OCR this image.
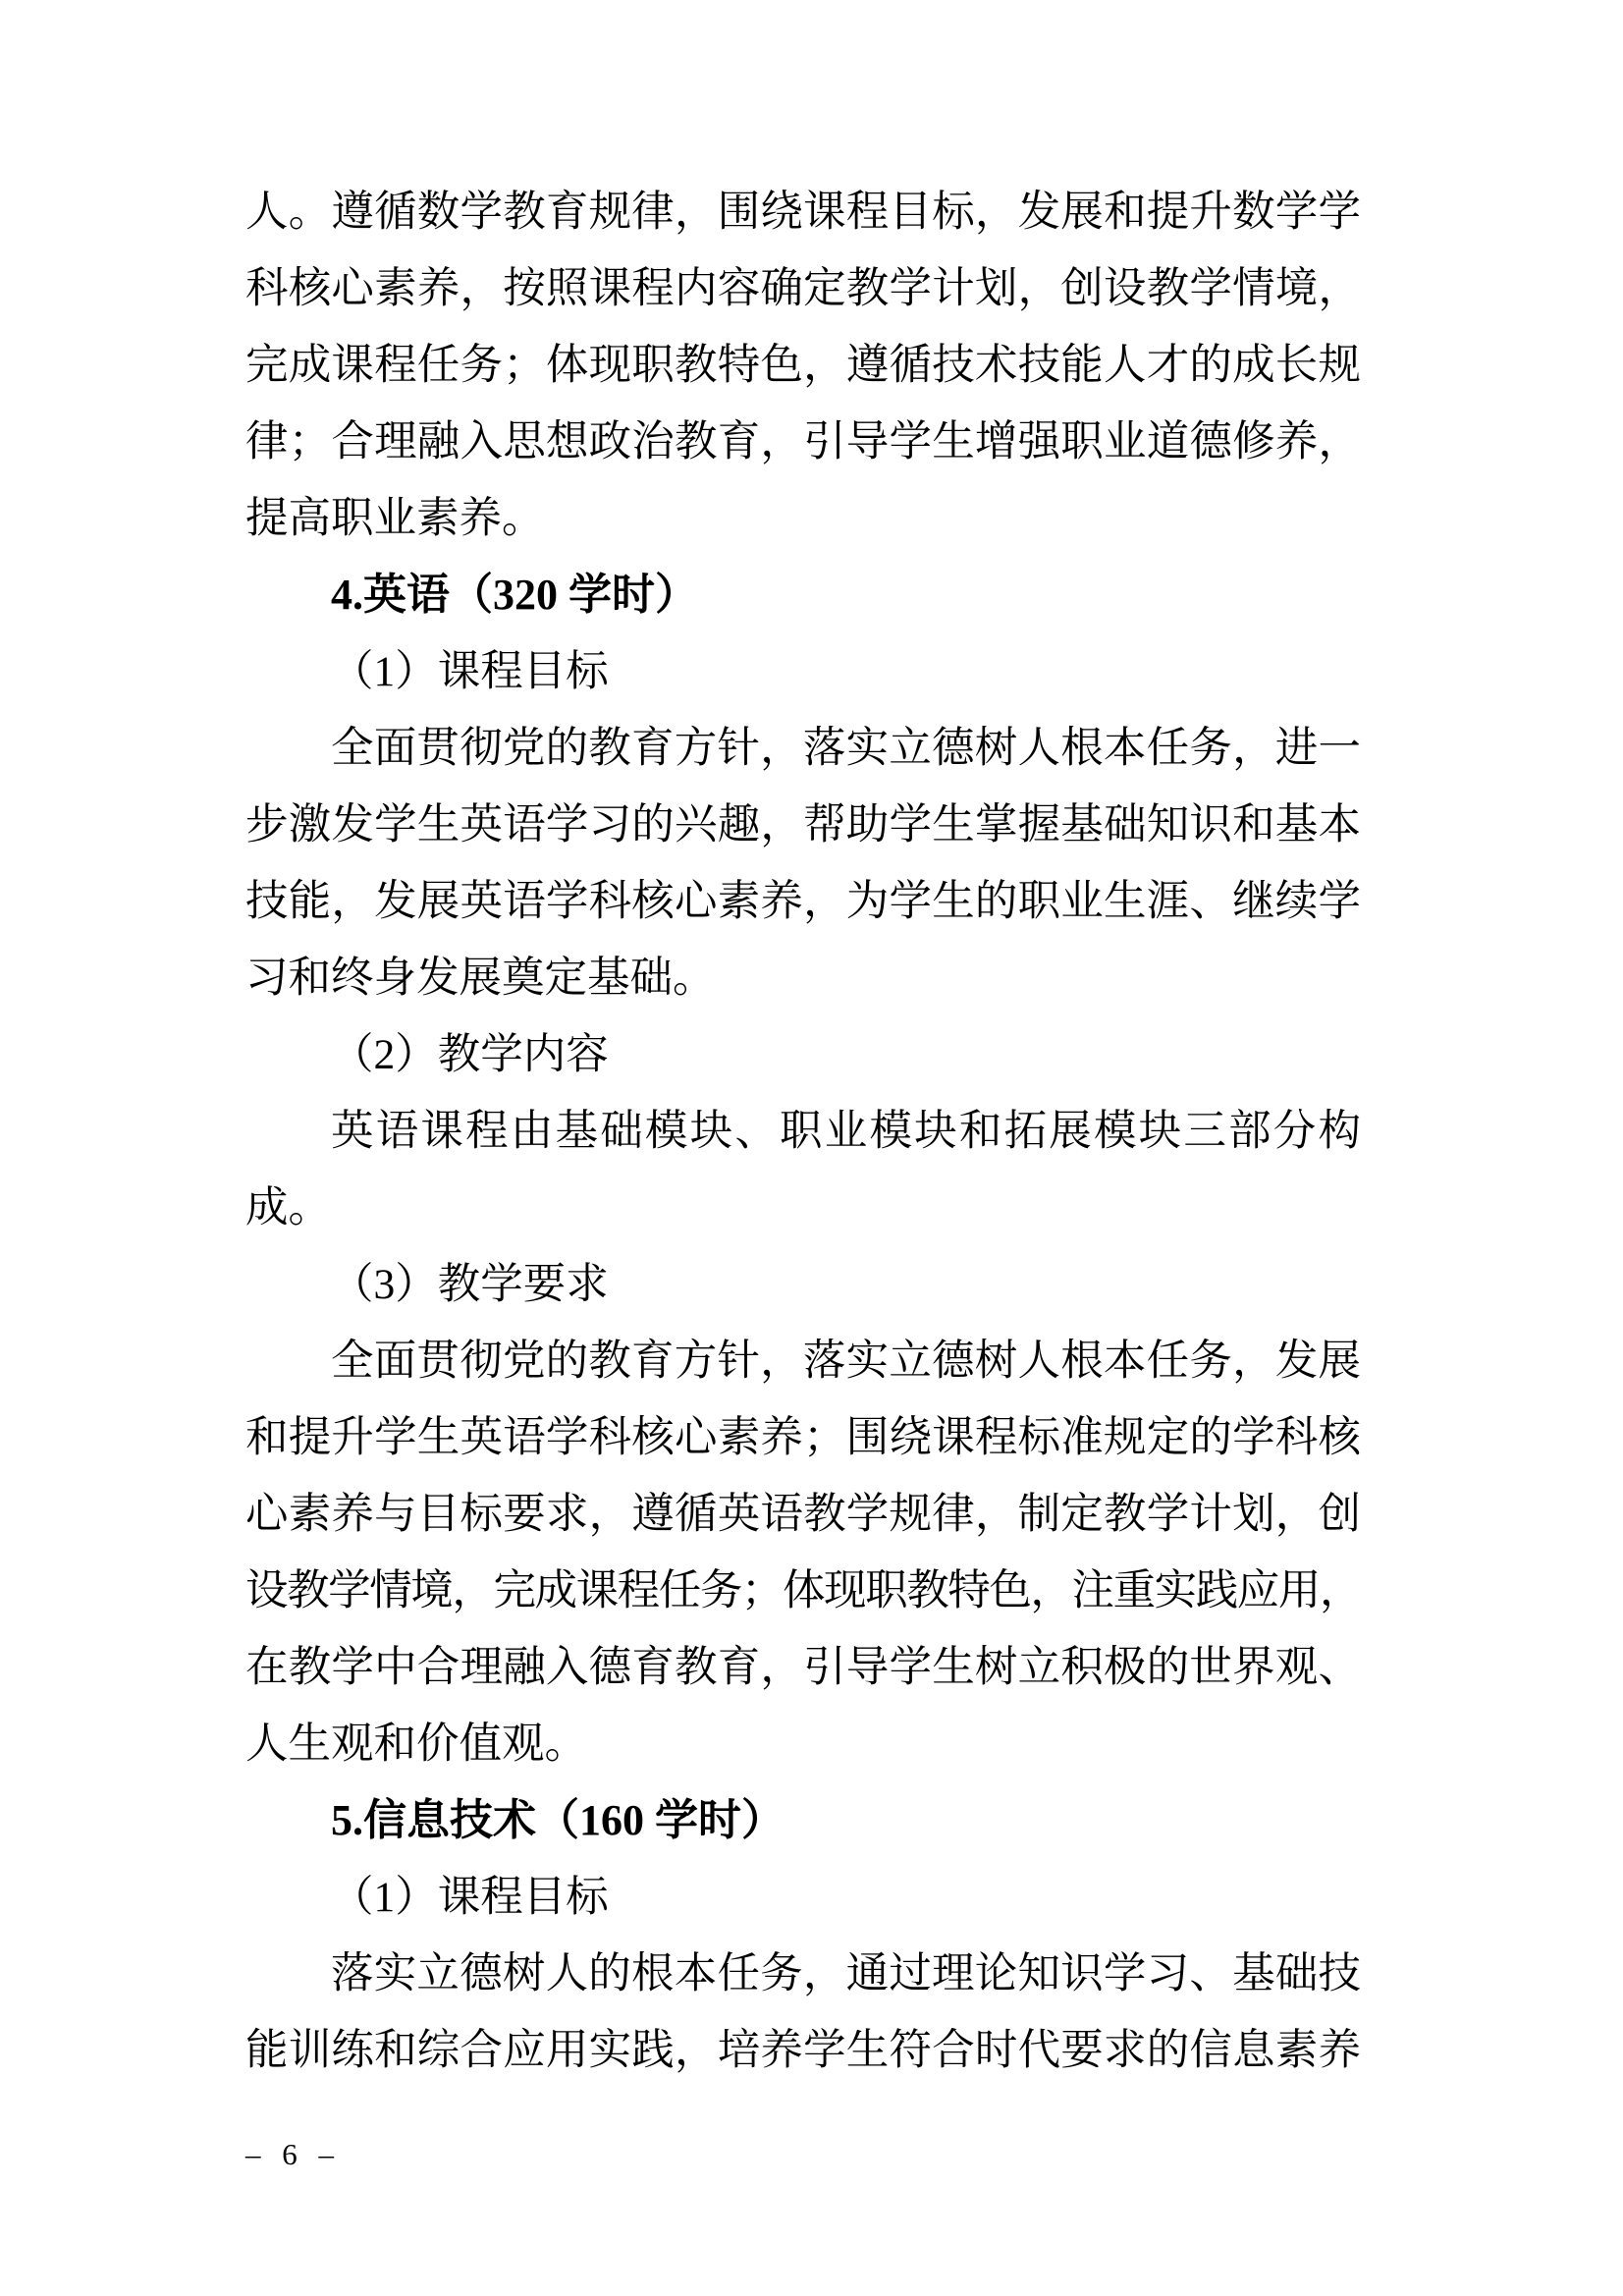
人。遵循数学教育规律，围绕课程目标，发展和提升数学学
科核心素养，按照课程内容确定教学计划，创设教学情境，
完成课程任务；体现职教特色，遵循技术技能人才的成长规
律；合理融入思想政治教育，引导学生增强职业道德修养，
提高职业素养。
4.英语（320 学时）
（1）课程目标
全面贯彻党的教育方针，落实立德树人根本任务，进一
步激发学生英语学习的兴趣，帮助学生掌握基础知识和基本
技能，发展英语学科核心素养，为学生的职业生涯、继续学
习和终身发展奠定基础。
（2）教学内容
英语课程由基础模块、职业模块和拓展模块三部分构
成。
（3）教学要求
全面贯彻党的教育方针，落实立德树人根本任务，发展
和提升学生英语学科核心素养；围绕课程标准规定的学科核
心素养与目标要求，遵循英语教学规律，制定教学计划，创
设教学情境，完成课程任务；体现职教特色，注重实践应用，
在教学中合理融入德育教育，引导学生树立积极的世界观、
人生观和价值观。
5.信息技术（160 学时）
（1）课程目标
落实立德树人的根本任务，通过理论知识学习、基础技
能训练和综合应用实践，培养学生符合时代要求的信息素养
– 6 –
